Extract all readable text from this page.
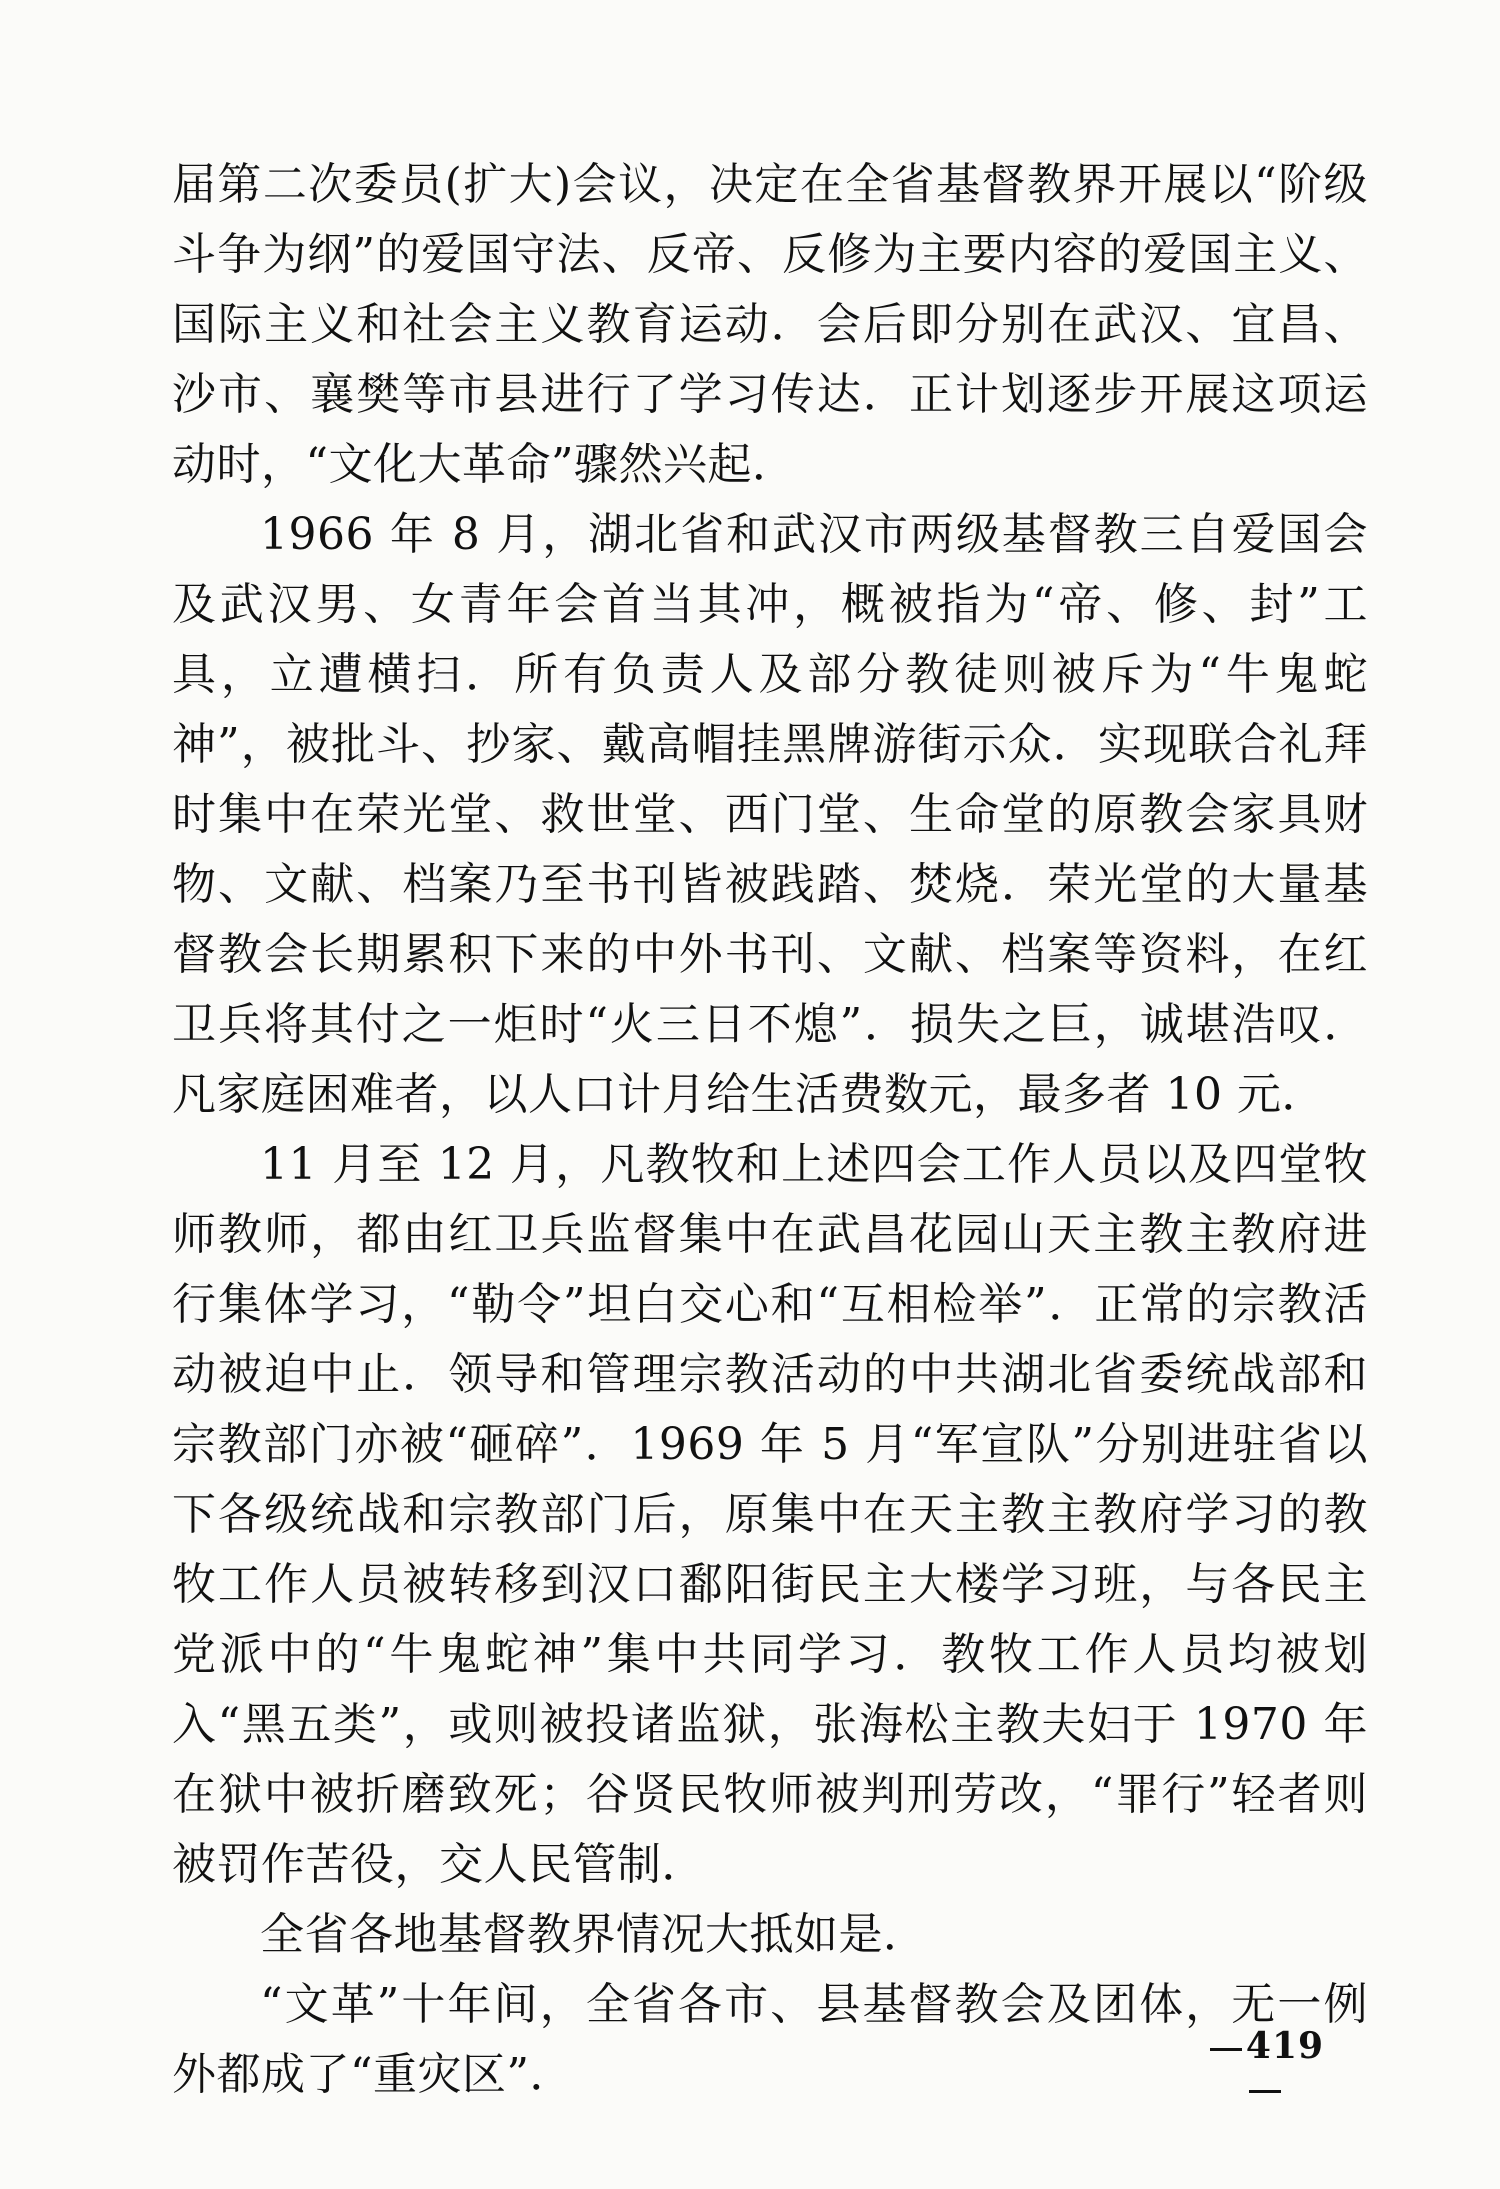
届第二次委员(扩大)会议，决定在全省基督教界开展以“阶级斗争为纲”的爱国守法、反帝、反修为主要内容的爱国主义、国际主义和社会主义教育运动．会后即分别在武汉、宜昌、沙市、襄樊等市县进行了学习传达．正计划逐步开展这项运动时，“文化大革命”骤然兴起．

1966 年 8 月，湖北省和武汉市两级基督教三自爱国会及武汉男、女青年会首当其冲，概被指为“帝、修、封”工具，立遭横扫．所有负责人及部分教徒则被斥为“牛鬼蛇神”，被批斗、抄家、戴高帽挂黑牌游街示众．实现联合礼拜时集中在荣光堂、救世堂、西门堂、生命堂的原教会家具财物、文献、档案乃至书刊皆被践踏、焚烧．荣光堂的大量基督教会长期累积下来的中外书刊、文献、档案等资料，在红卫兵将其付之一炬时“火三日不熄”．损失之巨，诚堪浩叹．凡家庭困难者，以人口计月给生活费数元，最多者 10 元．

11 月至 12 月，凡教牧和上述四会工作人员以及四堂牧师教师，都由红卫兵监督集中在武昌花园山天主教主教府进行集体学习，“勒令”坦白交心和“互相检举”．正常的宗教活动被迫中止．领导和管理宗教活动的中共湖北省委统战部和宗教部门亦被“砸碎”．1969 年 5 月“军宣队”分别进驻省以下各级统战和宗教部门后，原集中在天主教主教府学习的教牧工作人员被转移到汉口鄱阳街民主大楼学习班，与各民主党派中的“牛鬼蛇神”集中共同学习．教牧工作人员均被划入“黑五类”，或则被投诸监狱，张海松主教夫妇于 1970 年在狱中被折磨致死；谷贤民牧师被判刑劳改，“罪行”轻者则被罚作苦役，交人民管制．

全省各地基督教界情况大抵如是．

“文革”十年间，全省各市、县基督教会及团体，无一例外都成了“重灾区”．

419
